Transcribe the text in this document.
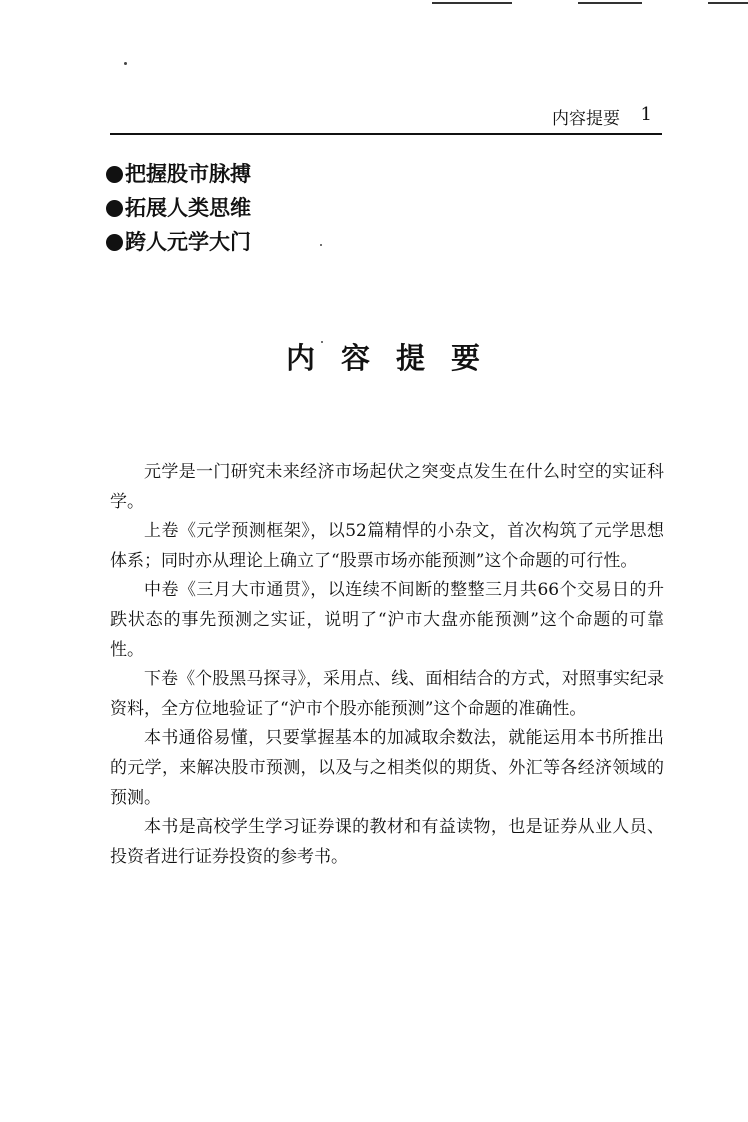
内容提要 1
把握股市脉搏
拓展人类思维
跨人元学大门
内容提要

元学是一门研究未来经济市场起伏之突变点发生在什么时空的实证科学。

上卷《元学预测框架》，以52篇精悍的小杂文，首次构筑了元学思想体系；同时亦从理论上确立了“股票市场亦能预测”这个命题的可行性。

中卷《三月大市通贯》，以连续不间断的整整三月共66个交易日的升跌状态的事先预测之实证，说明了“沪市大盘亦能预测”这个命题的可靠性。

下卷《个股黑马探寻》，采用点、线、面相结合的方式，对照事实纪录资料，全方位地验证了“沪市个股亦能预测”这个命题的准确性。

本书通俗易懂，只要掌握基本的加减取余数法，就能运用本书所推出的元学，来解决股市预测，以及与之相类似的期货、外汇等各经济领域的预测。

本书是高校学生学习证券课的教材和有益读物，也是证券从业人员、投资者进行证券投资的参考书。
